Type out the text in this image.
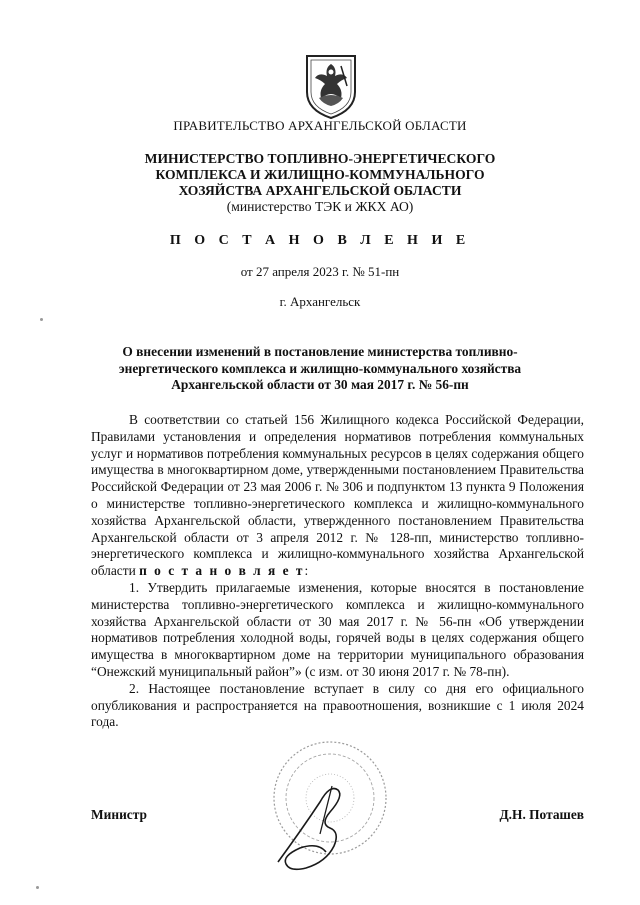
ПРАВИТЕЛЬСТВО АРХАНГЕЛЬСКОЙ ОБЛАСТИ
МИНИСТЕРСТВО ТОПЛИВНО-ЭНЕРГЕТИЧЕСКОГО
КОМПЛЕКСА И ЖИЛИЩНО-КОММУНАЛЬНОГО
ХОЗЯЙСТВА АРХАНГЕЛЬСКОЙ ОБЛАСТИ
(министерство ТЭК и ЖКХ АО)
П О С Т А Н О В Л Е Н И Е
от 27 апреля 2023 г. № 51-пн
г. Архангельск
О внесении изменений в постановление министерства топливно-
энергетического комплекса и жилищно-коммунального хозяйства
Архангельской области от 30 мая 2017 г. № 56-пн

В соответствии со статьей 156 Жилищного кодекса Российской Федерации, Правилами установления и определения нормативов потребления коммунальных услуг и нормативов потребления коммунальных ресурсов в целях содержания общего имущества в многоквартирном доме, утвержденными постановлением Правительства Российской Федерации от 23 мая 2006 г. № 306 и подпунктом 13 пункта 9 Положения о министерстве топливно-энергетического комплекса и жилищно-коммунального хозяйства Архангельской области, утвержденного постановлением Правительства Архангельской области от 3 апреля 2012 г. № 128-пп, министерство топливно-энергетического комплекса и жилищно-коммунального хозяйства Архангельской области п о с т а н о в л я е т:

1. Утвердить прилагаемые изменения, которые вносятся в постановление министерства топливно-энергетического комплекса и жилищно-коммунального хозяйства Архангельской области от 30 мая 2017 г. № 56-пн «Об утверждении нормативов потребления холодной воды, горячей воды в целях содержания общего имущества в многоквартирном доме на территории муниципального образования “Онежский муниципальный район”» (с изм. от 30 июня 2017 г. № 78-пн).

2. Настоящее постановление вступает в силу со дня его официального опубликования и распространяется на правоотношения, возникшие с 1 июля 2024 года.

Министр	Д.Н. Поташев
